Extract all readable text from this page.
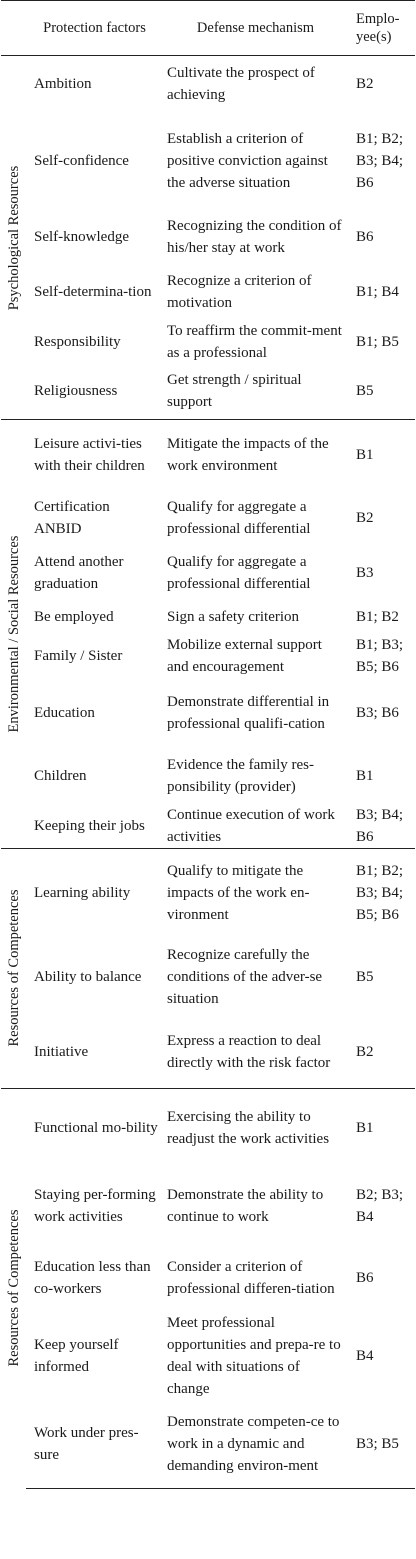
	Protection factors	Defense mechanism	Emplo-
yee(s)

Psychological Resources	Ambition	Cultivate the prospect of achieving	B2
	Self-confidence	Establish a criterion of positive conviction against the adverse situation	B1; B2; B3; B4; B6
	Self-knowledge	Recognizing the condition of his/her stay at work	B6
	Self-determina-tion	Recognize a criterion of motivation	B1; B4
	Responsibility	To reaffirm the commit-ment as a professional	B1; B5
	Religiousness	Get strength / spiritual support	B5

Environmental / Social Resources	Leisure activi-ties with their children	Mitigate the impacts of the work environment	B1
	Certification ANBID	Qualify for aggregate a professional differential	B2
	Attend another graduation	Qualify for aggregate a professional differential	B3
	Be employed	Sign a safety criterion	B1; B2
	Family / Sister	Mobilize external support and encouragement	B1; B3; B5; B6
	Education	Demonstrate differential in professional qualifi-cation	B3; B6
	Children	Evidence the family res-ponsibility (provider)	B1
	Keeping their jobs	Continue execution of work activities	B3; B4; B6

Resources of Competences	Learning ability	Qualify to mitigate the impacts of the work en-vironment	B1; B2; B3; B4; B5; B6
	Ability to balance	Recognize carefully the conditions of the adver-se situation	B5
	Initiative	Express a reaction to deal directly with the risk factor	B2

Resources of Competences	Functional mo-bility	Exercising the ability to readjust the work activities	B1
	Staying per-forming work activities	Demonstrate the ability to continue to work	B2; B3; B4
	Education less than co-workers	Consider a criterion of professional differen-tiation	B6
	Keep yourself informed	Meet professional opportunities and prepa-re to deal with situations of change	B4
	Work under pres-sure	Demonstrate competen-ce to work in a dynamic and demanding environ-ment	B3; B5
